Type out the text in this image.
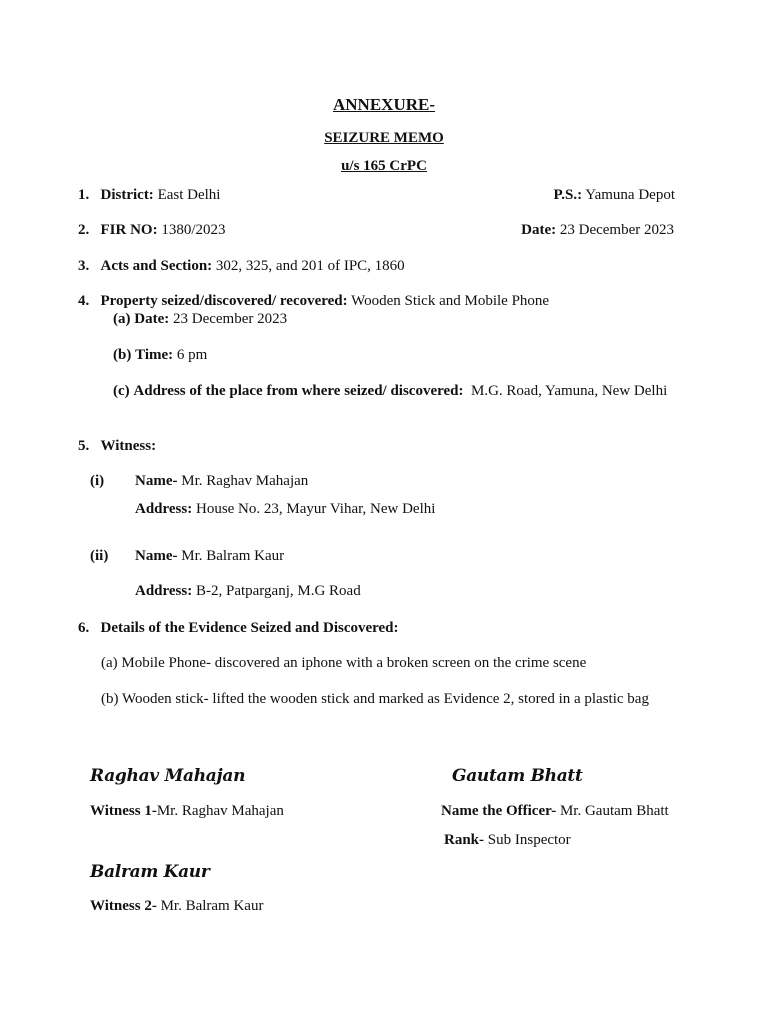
ANNEXURE-
SEIZURE MEMO
u/s 165 CrPC
1. District: East Delhi	P.S.: Yamuna Depot
2. FIR NO: 1380/2023	Date: 23 December 2023
3. Acts and Section: 302, 325, and 201 of IPC, 1860
4. Property seized/discovered/ recovered: Wooden Stick and Mobile Phone
(a) Date: 23 December 2023
(b) Time: 6 pm
(c) Address of the place from where seized/ discovered: M.G. Road, Yamuna, New Delhi
5. Witness:
(i) Name- Mr. Raghav Mahajan
Address: House No. 23, Mayur Vihar, New Delhi
(ii) Name- Mr. Balram Kaur
Address: B-2, Patparganj, M.G Road
6. Details of the Evidence Seized and Discovered:
(a) Mobile Phone- discovered an iphone with a broken screen on the crime scene
(b) Wooden stick- lifted the wooden stick and marked as Evidence 2, stored in a plastic bag
Raghav Mahajan	Gautam Bhatt
Witness 1-Mr. Raghav Mahajan	Name the Officer- Mr. Gautam Bhatt
Rank- Sub Inspector
Balram Kaur
Witness 2- Mr. Balram Kaur
